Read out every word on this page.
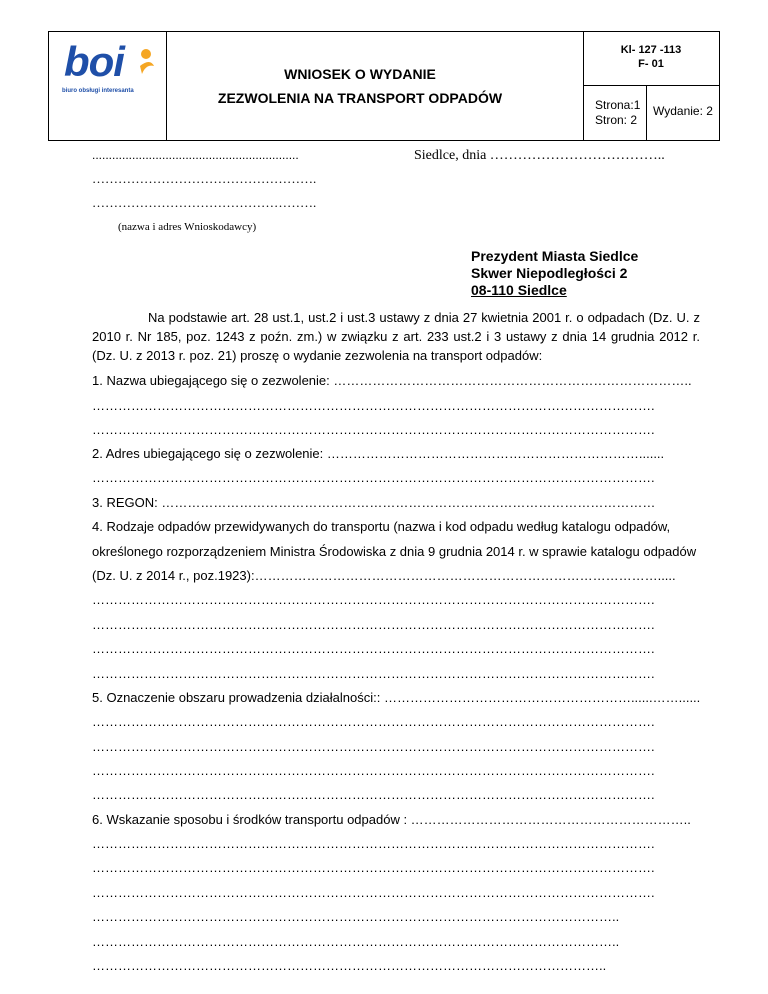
boi
biuro obsługi interesanta
WNIOSEK O WYDANIE
ZEZWOLENIA NA TRANSPORT ODPADÓW
Kl- 127 -113
F- 01
Strona:1
Stron: 2
Wydanie: 2
..............................................................
…………………………………………….
…………………………………………….
(nazwa i adres Wnioskodawcy)
Siedlce, dnia ………………………………..
Prezydent Miasta Siedlce
Skwer Niepodległości 2
08-110 Siedlce
Na podstawie art. 28 ust.1, ust.2 i ust.3 ustawy z dnia 27 kwietnia 2001 r. o odpadach (Dz. U. z 2010 r. Nr 185, poz. 1243 z poźn. zm.) w związku z art. 233 ust.2 i 3 ustawy z dnia 14 grudnia 2012 r. (Dz. U. z 2013 r. poz. 21) proszę o wydanie zezwolenia na transport odpadów:
1. Nazwa ubiegającego się o zezwolenie: ………………………………………………………………………..
………………………………………………………………………………………………………………….
………………………………………………………………………………………………………………….
2. Adres ubiegającego się o zezwolenie: ……………………………………………………………….......
………………………………………………………………………………………………………………….
3. REGON: ……………………………………………………………………………………………………
4. Rodzaje odpadów przewidywanych do transportu (nazwa i kod odpadu według katalogu odpadów,
określonego rozporządzeniem Ministra Środowiska z dnia 9 grudnia 2014 r. w sprawie katalogu odpadów
(Dz. U. z 2014 r., poz.1923):………………………………………………………………………………….....
………………………………………………………………………………………………………………….
………………………………………………………………………………………………………………….
………………………………………………………………………………………………………………….
………………………………………………………………………………………………………………….
5. Oznaczenie obszaru prowadzenia działalności:: …………………………………………………......……......
………………………………………………………………………………………………………………….
………………………………………………………………………………………………………………….
………………………………………………………………………………………………………………….
………………………………………………………………………………………………………………….
6. Wskazanie sposobu i środków transportu odpadów : ………………………………………………………..
………………………………………………………………………………………………………………….
………………………………………………………………………………………………………………….
………………………………………………………………………………………………………………….
…………………………………………………………………………………………………………..
…………………………………………………………………………………………………………..
………………………………………………………………………………………………………..
